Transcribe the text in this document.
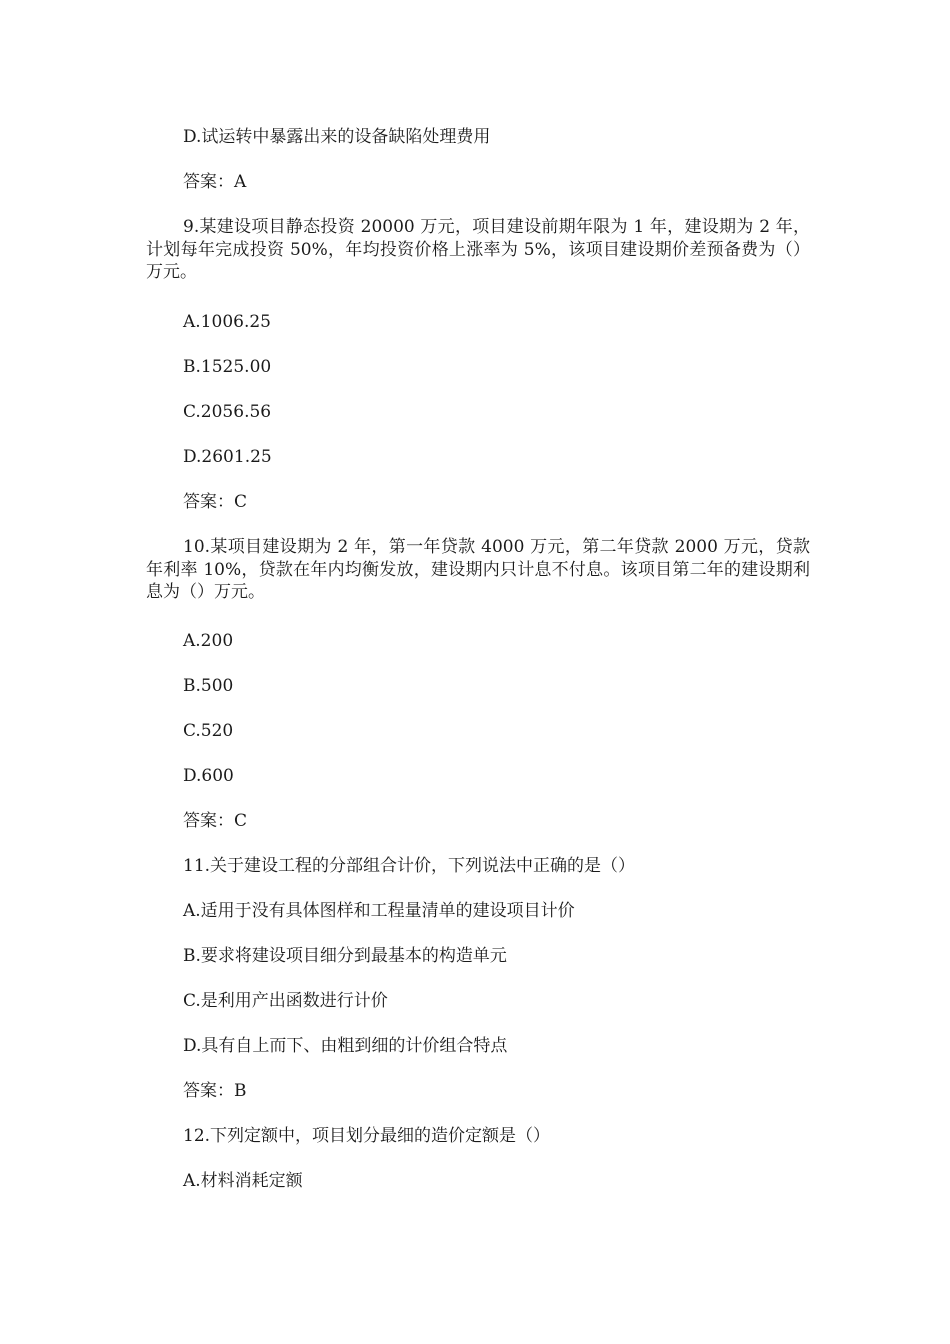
D.试运转中暴露出来的设备缺陷处理费用
答案：A
9.某建设项目静态投资 20000 万元，项目建设前期年限为 1 年，建设期为 2 年，计划每年完成投资 50%，年均投资价格上涨率为 5%，该项目建设期价差预备费为（）万元。
A.1006.25
B.1525.00
C.2056.56
D.2601.25
答案：C
10.某项目建设期为 2 年，第一年贷款 4000 万元，第二年贷款 2000 万元，贷款年利率 10%，贷款在年内均衡发放，建设期内只计息不付息。该项目第二年的建设期利息为（）万元。
A.200
B.500
C.520
D.600
答案：C
11.关于建设工程的分部组合计价，下列说法中正确的是（）
A.适用于没有具体图样和工程量清单的建设项目计价
B.要求将建设项目细分到最基本的构造单元
C.是利用产出函数进行计价
D.具有自上而下、由粗到细的计价组合特点
答案：B
12.下列定额中，项目划分最细的造价定额是（）
A.材料消耗定额
